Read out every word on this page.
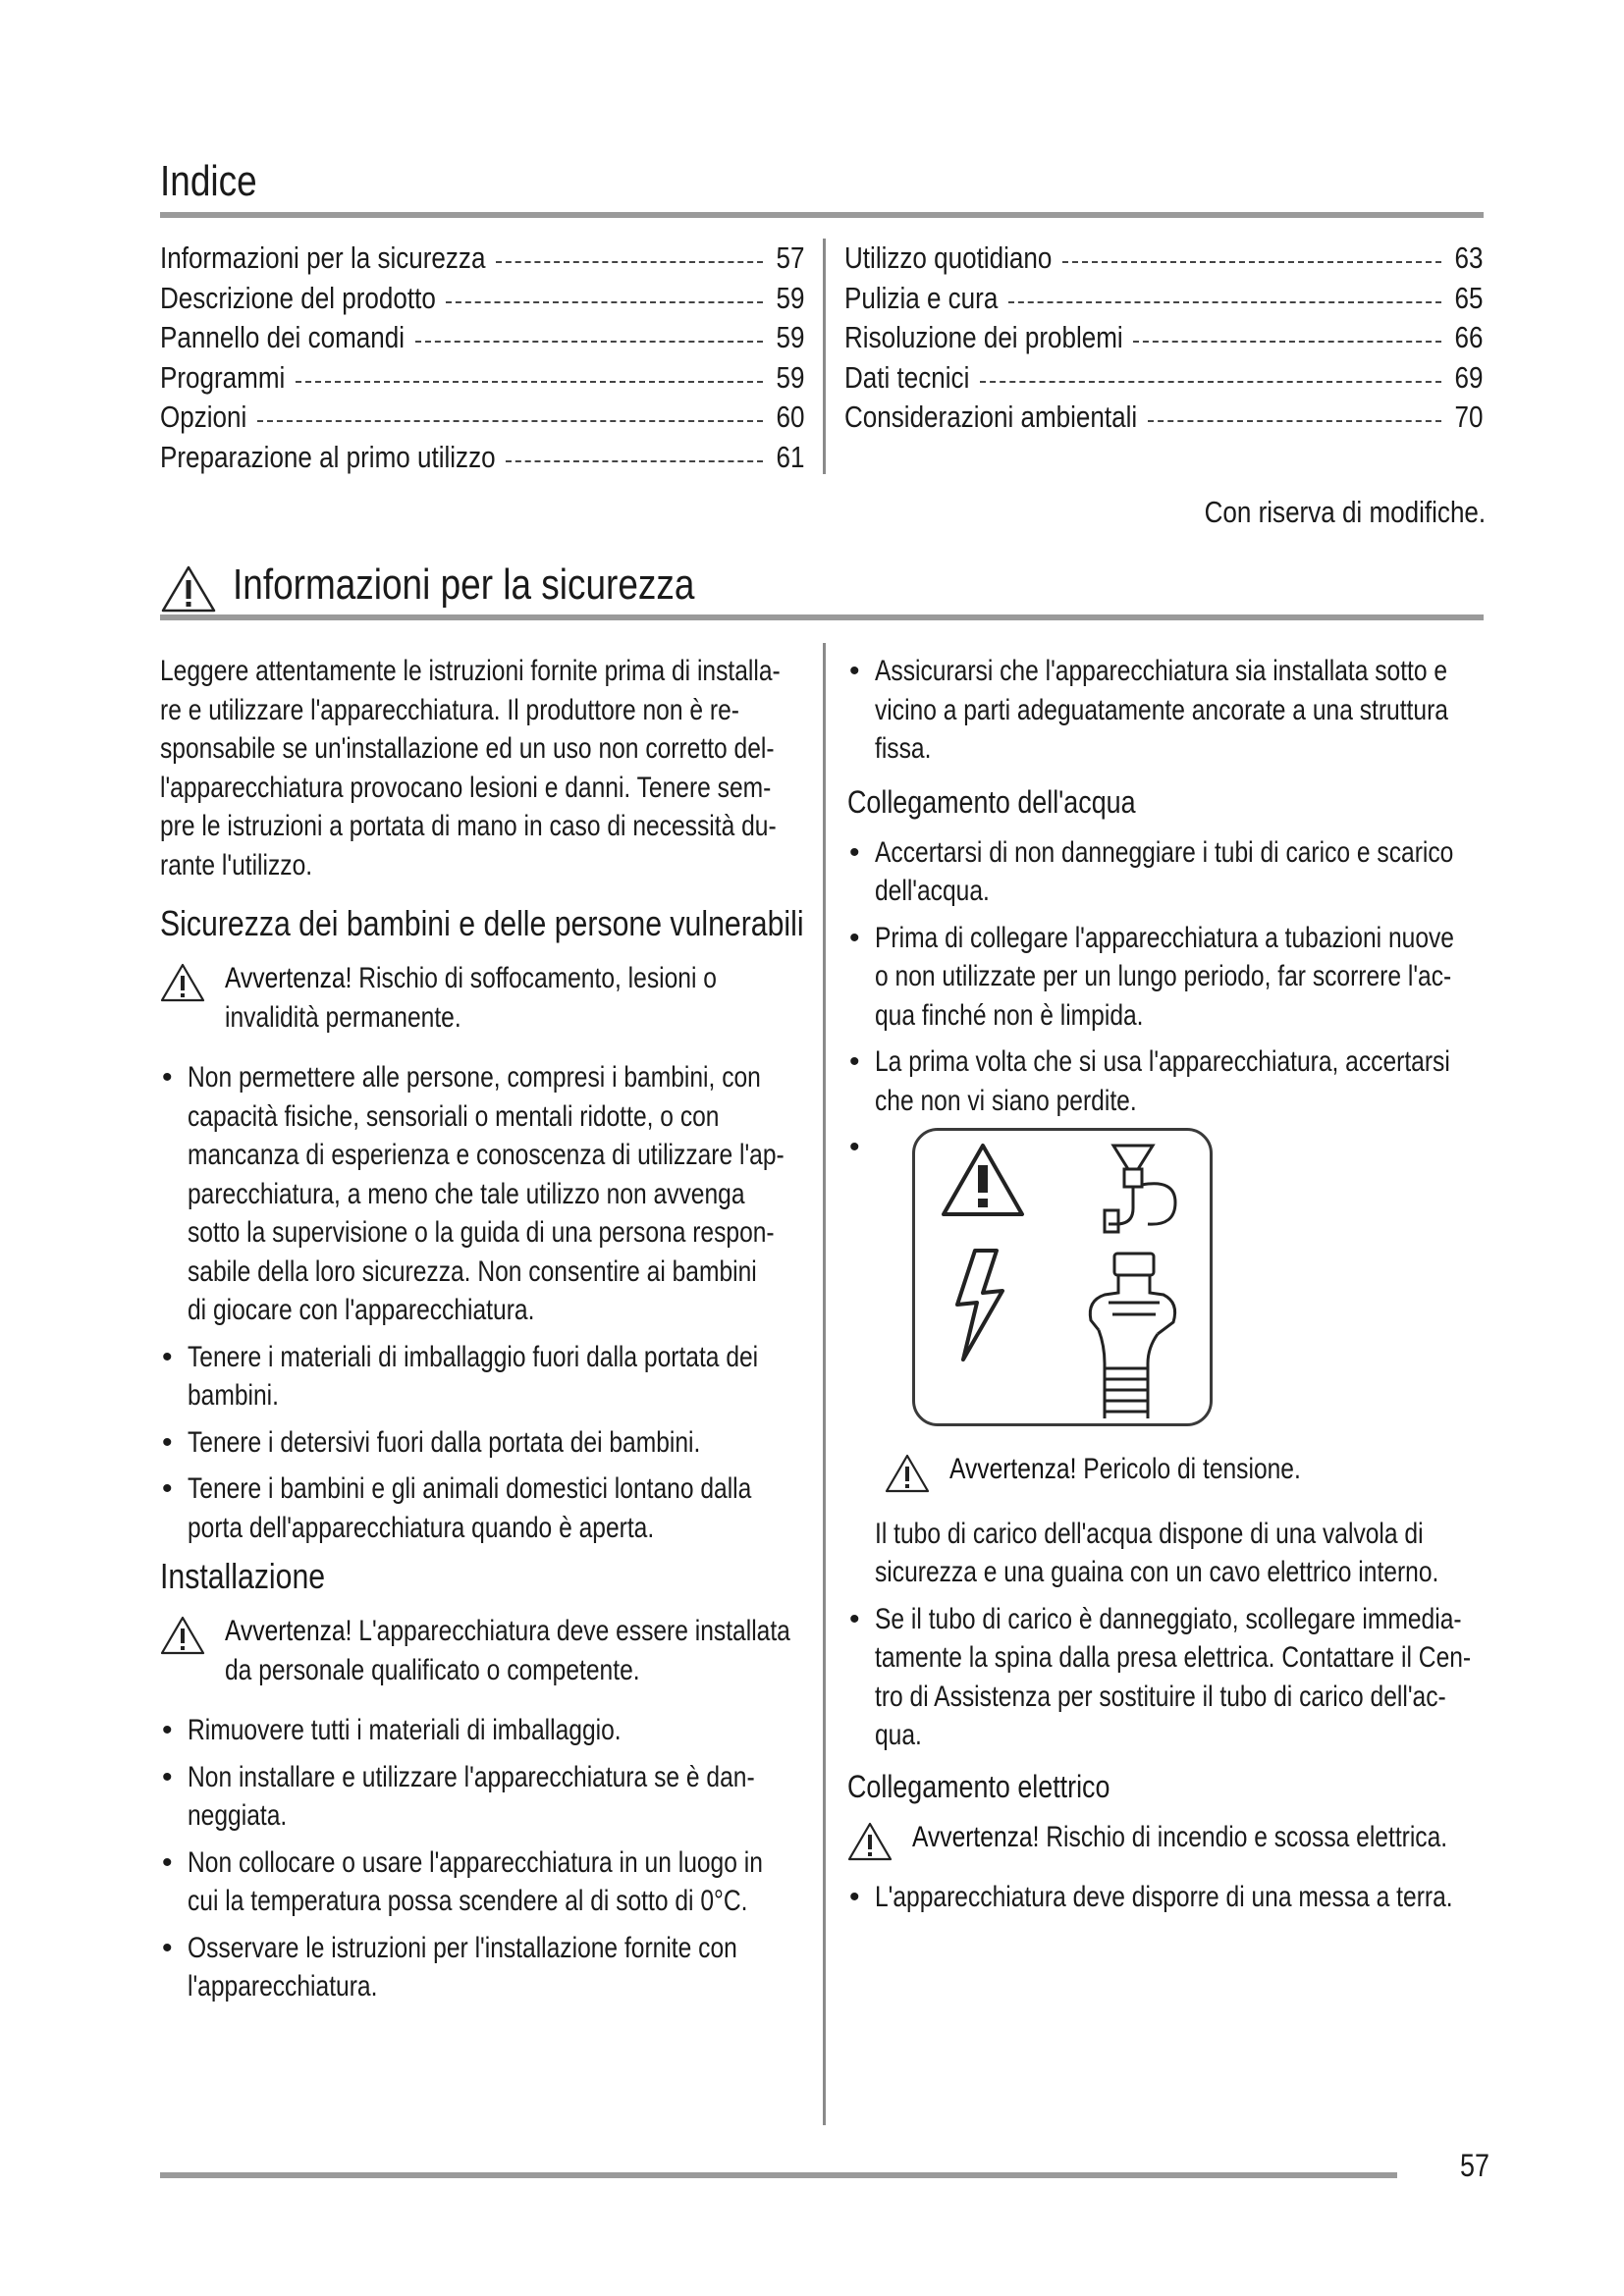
Indice
Informazioni per la sicurezza	57
Descrizione del prodotto	59
Pannello dei comandi	59
Programmi	59
Opzioni	60
Preparazione al primo utilizzo	61
Utilizzo quotidiano	63
Pulizia e cura	65
Risoluzione dei problemi	66
Dati tecnici	69
Considerazioni ambientali	70
Con riserva di modifiche.
Informazioni per la sicurezza
Leggere attentamente le istruzioni fornite prima di installa-
re e utilizzare l'apparecchiatura. Il produttore non è re-
sponsabile se un'installazione ed un uso non corretto del-
l'apparecchiatura provocano lesioni e danni. Tenere sem-
pre le istruzioni a portata di mano in caso di necessità du-
rante l'utilizzo.
Sicurezza dei bambini e delle persone vulnerabili
Avvertenza! Rischio di soffocamento, lesioni o
invalidità permanente.
• Non permettere alle persone, compresi i bambini, con
capacità fisiche, sensoriali o mentali ridotte, o con
mancanza di esperienza e conoscenza di utilizzare l'ap-
parecchiatura, a meno che tale utilizzo non avvenga
sotto la supervisione o la guida di una persona respon-
sabile della loro sicurezza. Non consentire ai bambini
di giocare con l'apparecchiatura.
• Tenere i materiali di imballaggio fuori dalla portata dei
bambini.
• Tenere i detersivi fuori dalla portata dei bambini.
• Tenere i bambini e gli animali domestici lontano dalla
porta dell'apparecchiatura quando è aperta.
Installazione
Avvertenza! L'apparecchiatura deve essere installata
da personale qualificato o competente.
• Rimuovere tutti i materiali di imballaggio.
• Non installare e utilizzare l'apparecchiatura se è dan-
neggiata.
• Non collocare o usare l'apparecchiatura in un luogo in
cui la temperatura possa scendere al di sotto di 0°C.
• Osservare le istruzioni per l'installazione fornite con
l'apparecchiatura.
• Assicurarsi che l'apparecchiatura sia installata sotto e
vicino a parti adeguatamente ancorate a una struttura
fissa.
Collegamento dell'acqua
• Accertarsi di non danneggiare i tubi di carico e scarico
dell'acqua.
• Prima di collegare l'apparecchiatura a tubazioni nuove
o non utilizzate per un lungo periodo, far scorrere l'ac-
qua finché non è limpida.
• La prima volta che si usa l'apparecchiatura, accertarsi
che non vi siano perdite.
•
Avvertenza! Pericolo di tensione.
Il tubo di carico dell'acqua dispone di una valvola di
sicurezza e una guaina con un cavo elettrico interno.
• Se il tubo di carico è danneggiato, scollegare immedia-
tamente la spina dalla presa elettrica. Contattare il Cen-
tro di Assistenza per sostituire il tubo di carico dell'ac-
qua.
Collegamento elettrico
Avvertenza! Rischio di incendio e scossa elettrica.
• L'apparecchiatura deve disporre di una messa a terra.
57
